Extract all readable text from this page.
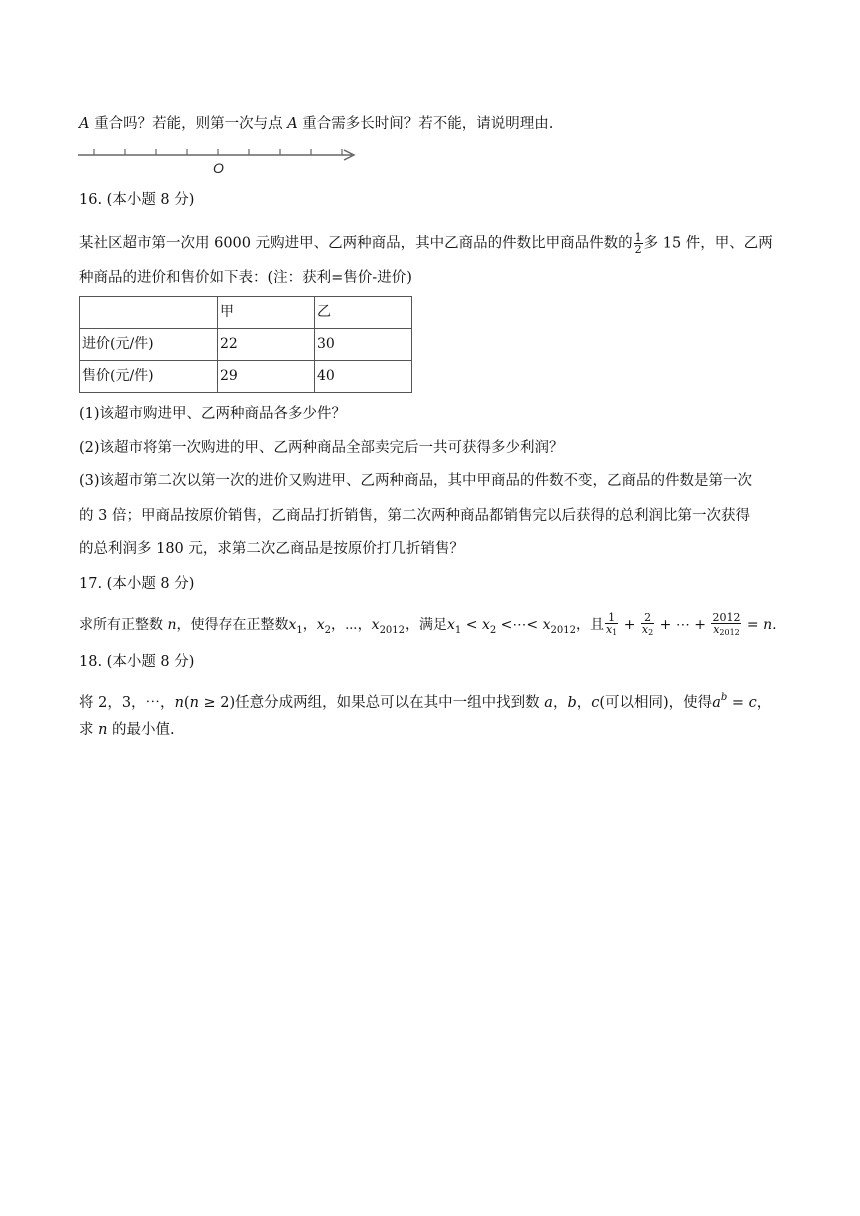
A 重合吗？若能，则第一次与点 A 重合需多长时间？若不能，请说明理由.
O
16. (本小题 8 分)
某社区超市第一次用 6000 元购进甲、乙两种商品，其中乙商品的件数比甲商品件数的 $\frac{1}{2}$ 多 15 件，甲、乙两
种商品的进价和售价如下表：(注：获利=售价-进价)
	甲	乙
进价(元/件)	22	30
售价(元/件)	29	40
(1)该超市购进甲、乙两种商品各多少件？
(2)该超市将第一次购进的甲、乙两种商品全部卖完后一共可获得多少利润？
(3)该超市第二次以第一次的进价又购进甲、乙两种商品，其中甲商品的件数不变，乙商品的件数是第一次
的 3 倍；甲商品按原价销售，乙商品打折销售，第二次两种商品都销售完以后获得的总利润比第一次获得
的总利润多 180 元，求第二次乙商品是按原价打几折销售？
17. (本小题 8 分)
求所有正整数 n，使得存在正整数$x_1$，$x_2$，⋯，$x_{2012}$，满足$x_1 < x_2$ <⋯< $x_{2012}$，且 $\frac{1}{x_1} + \frac{2}{x_2}$ + ⋯ + $\frac{2012}{x_{2012}} = n$.
18. (本小题 8 分)
将 2，3，⋯，n(n ≥ 2)任意分成两组，如果总可以在其中一组中找到数 a，b，c(可以相同)，使得$a^b = c$，
求 n 的最小值.
